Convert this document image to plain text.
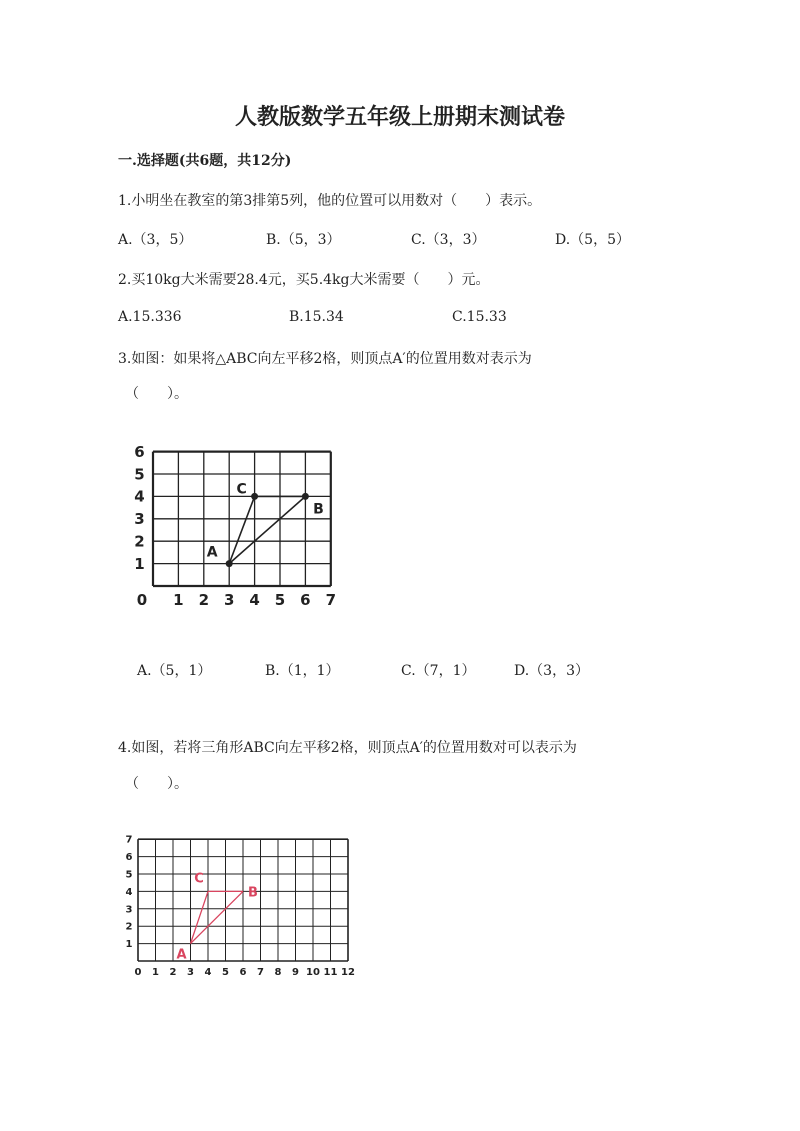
人教版数学五年级上册期末测试卷
一.选择题(共6题，共12分)
1.小明坐在教室的第3排第5列，他的位置可以用数对（　　）表示。
A.（3，5）	B.（5，3）	C.（3，3）	D.（5，5）
2.买10kg大米需要28.4元，买5.4kg大米需要（　　）元。
A.15.336	B.15.34	C.15.33
3.如图：如果将△ABC向左平移2格，则顶点A′的位置用数对表示为
（　　）。
0 1 2 3 4 5 6 7
1
2
3
4
5
6
A
B
C
A.（5，1）	B.（1，1）	C.（7，1）	D.（3，3）
4.如图，若将三角形ABC向左平移2格，则顶点A′的位置用数对可以表示为
（　　）。
0 1 2 3 4 5 6 7 8 9 10 11 12
1
2
3
4
5
6
7
A
B
C
